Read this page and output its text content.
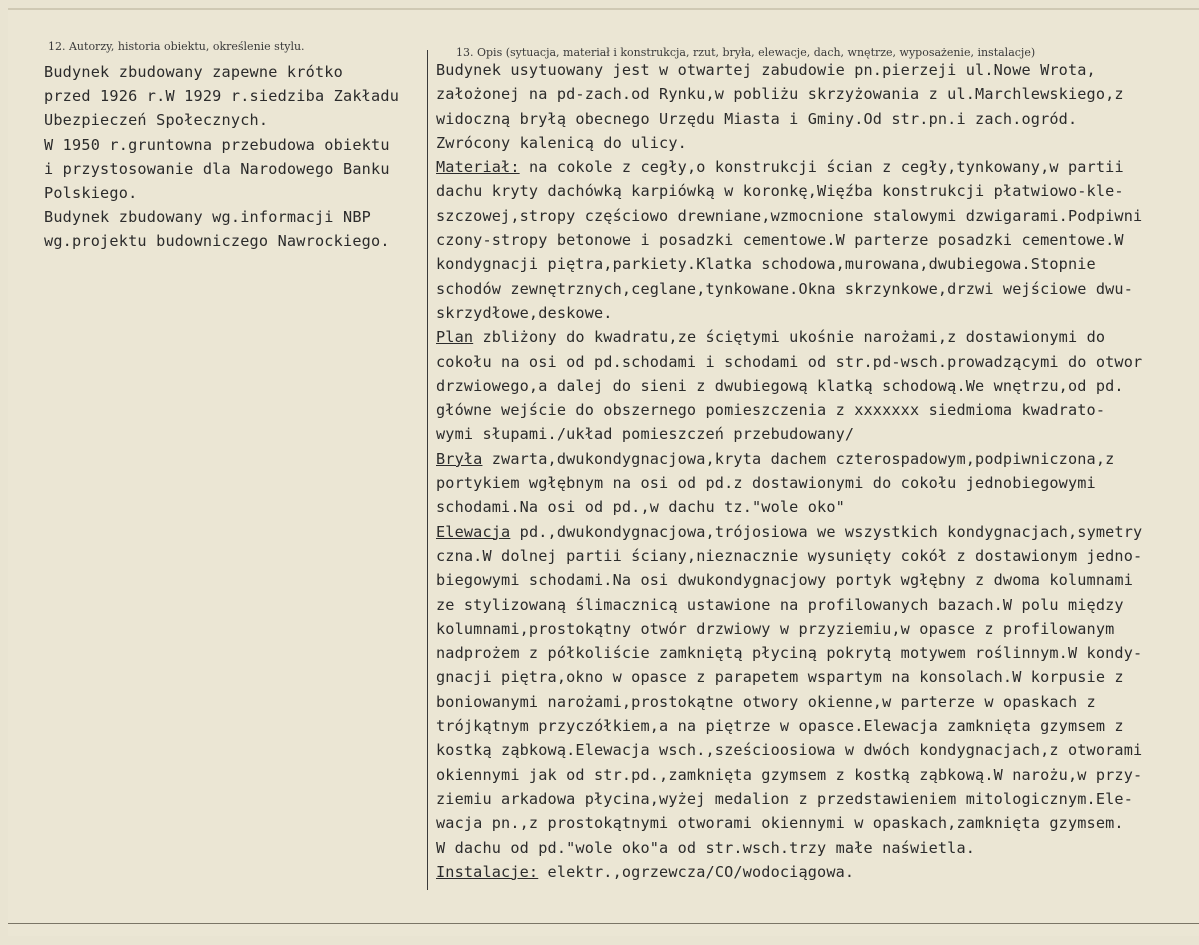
12. Autorzy, historia obiektu, określenie stylu.	13. Opis (sytuacja, materiał i konstrukcja, rzut, bryła, elewacje, dach, wnętrze, wyposażenie, instalacje)
Budynek zbudowany zapewne krótko
przed 1926 r.W 1929 r.siedziba Zakładu
Ubezpieczeń Społecznych.
W 1950 r.gruntowna przebudowa obiektu
i przystosowanie dla Narodowego Banku
Polskiego.
Budynek zbudowany wg.informacji NBP
wg.projektu budowniczego Nawrockiego.
Budynek usytuowany jest w otwartej zabudowie pn.pierzeji ul.Nowe Wrota,
założonej na pd-zach.od Rynku,w pobliżu skrzyżowania z ul.Marchlewskiego,z
widoczną bryłą obecnego Urzędu Miasta i Gminy.Od str.pn.i zach.ogród.
Zwrócony kalenicą do ulicy.
Materiał: na cokole z cegły,o konstrukcji ścian z cegły,tynkowany,w partii
dachu kryty dachówką karpiówką w koronkę,Więźba konstrukcji płatwiowo-kle-
szczowej,stropy częściowo drewniane,wzmocnione stalowymi dzwigarami.Podpiwni
czony-stropy betonowe i posadzki cementowe.W parterze posadzki cementowe.W
kondygnacji piętra,parkiety.Klatka schodowa,murowana,dwubiegowa.Stopnie
schodów zewnętrznych,ceglane,tynkowane.Okna skrzynkowe,drzwi wejściowe dwu-
skrzydłowe,deskowe.
Plan zbliżony do kwadratu,ze ściętymi ukośnie narożami,z dostawionymi do
cokołu na osi od pd.schodami i schodami od str.pd-wsch.prowadzącymi do otwor
drzwiowego,a dalej do sieni z dwubiegową klatką schodową.We wnętrzu,od pd.
główne wejście do obszernego pomieszczenia z xxxxxxx siedmioma kwadrato-
wymi słupami./układ pomieszczeń przebudowany/
Bryła zwarta,dwukondygnacjowa,kryta dachem czterospadowym,podpiwniczona,z
portykiem wgłębnym na osi od pd.z dostawionymi do cokołu jednobiegowymi
schodami.Na osi od pd.,w dachu tz."wole oko"
Elewacja pd.,dwukondygnacjowa,trójosiowa we wszystkich kondygnacjach,symetry
czna.W dolnej partii ściany,nieznacznie wysunięty cokół z dostawionym jedno-
biegowymi schodami.Na osi dwukondygnacjowy portyk wgłębny z dwoma kolumnami
ze stylizowaną ślimacznicą ustawione na profilowanych bazach.W polu między
kolumnami,prostokątny otwór drzwiowy w przyziemiu,w opasce z profilowanym
nadprożem z półkoliście zamkniętą płyciną pokrytą motywem roślinnym.W kondy-
gnacji piętra,okno w opasce z parapetem wspartym na konsolach.W korpusie z
boniowanymi narożami,prostokątne otwory okienne,w parterze w opaskach z
trójkątnym przyczółkiem,a na piętrze w opasce.Elewacja zamknięta gzymsem z
kostką ząbkową.Elewacja wsch.,sześcioosiowa w dwóch kondygnacjach,z otworami
okiennymi jak od str.pd.,zamknięta gzymsem z kostką ząbkową.W narożu,w przy-
ziemiu arkadowa płycina,wyżej medalion z przedstawieniem mitologicznym.Ele-
wacja pn.,z prostokątnymi otworami okiennymi w opaskach,zamknięta gzymsem.
W dachu od pd."wole oko"a od str.wsch.trzy małe naświetla.
Instalacje: elektr.,ogrzewcza/CO/wodociągowa.
